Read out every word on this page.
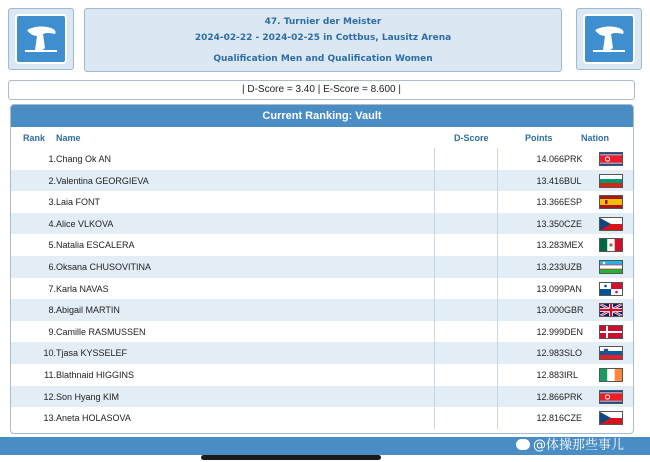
47. Turnier der Meister
2024-02-22 - 2024-02-25 in Cottbus, Lausitz Arena
Qualification Men and Qualification Women
| D-Score = 3.40 | E-Score = 8.600 |
Current Ranking: Vault
Rank Name	D-Score	Points	Nation
1. Chang Ok AN	14.066 PRK
2. Valentina GEORGIEVA	13.416 BUL
3. Laia FONT	13.366 ESP
4. Alice VLKOVA	13.350 CZE
5. Natalia ESCALERA	13.283 MEX
6. Oksana CHUSOVITINA	13.233 UZB
7. Karla NAVAS	13.099 PAN
8. Abigail MARTIN	13.000 GBR
9. Camille RASMUSSEN	12.999 DEN
10. Tjasa KYSSELEF	12.983 SLO
11. Blathnaid HIGGINS	12.883 IRL
12. Son Hyang KIM	12.866 PRK
13. Aneta HOLASOVA	12.816 CZE
@体操那些事儿
